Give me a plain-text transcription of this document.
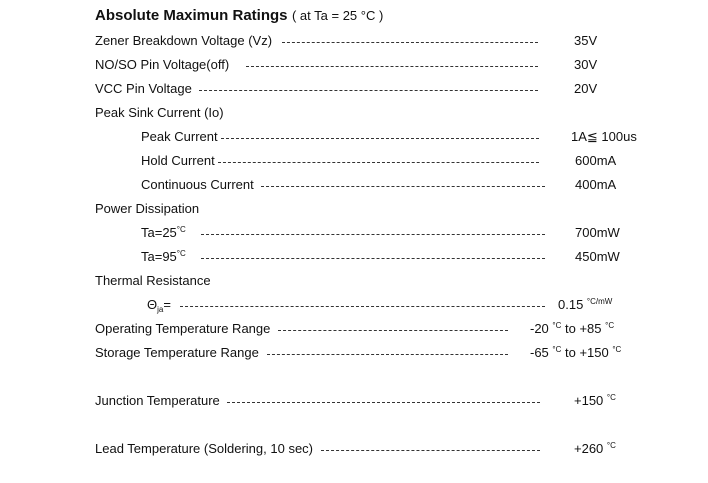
Absolute Maximun Ratings ( at Ta = 25 °C )
Zener Breakdown Voltage (Vz)	35V
NO/SO Pin Voltage(off)	30V
VCC Pin Voltage	20V
Peak Sink Current (Io)
Peak Current	1A≦ 100us
Hold Current	600mA
Continuous Current	400mA
Power Dissipation
$Ta=25^{^\circ C}$	700mW
$Ta=95^{^\circ C}$	450mW
Thermal Resistance
$\Theta_{ja}=$	0.15 $^{^\circ C/mW}$
Operating Temperature Range	-20 $^{^\circ C}$ to +85 $^{^\circ C}$
Storage Temperature Range	-65 $^{^\circ C}$ to +150 $^{^\circ C}$
Junction Temperature	+150 $^{^\circ C}$
Lead Temperature (Soldering, 10 sec)	+260 $^{^\circ C}$
